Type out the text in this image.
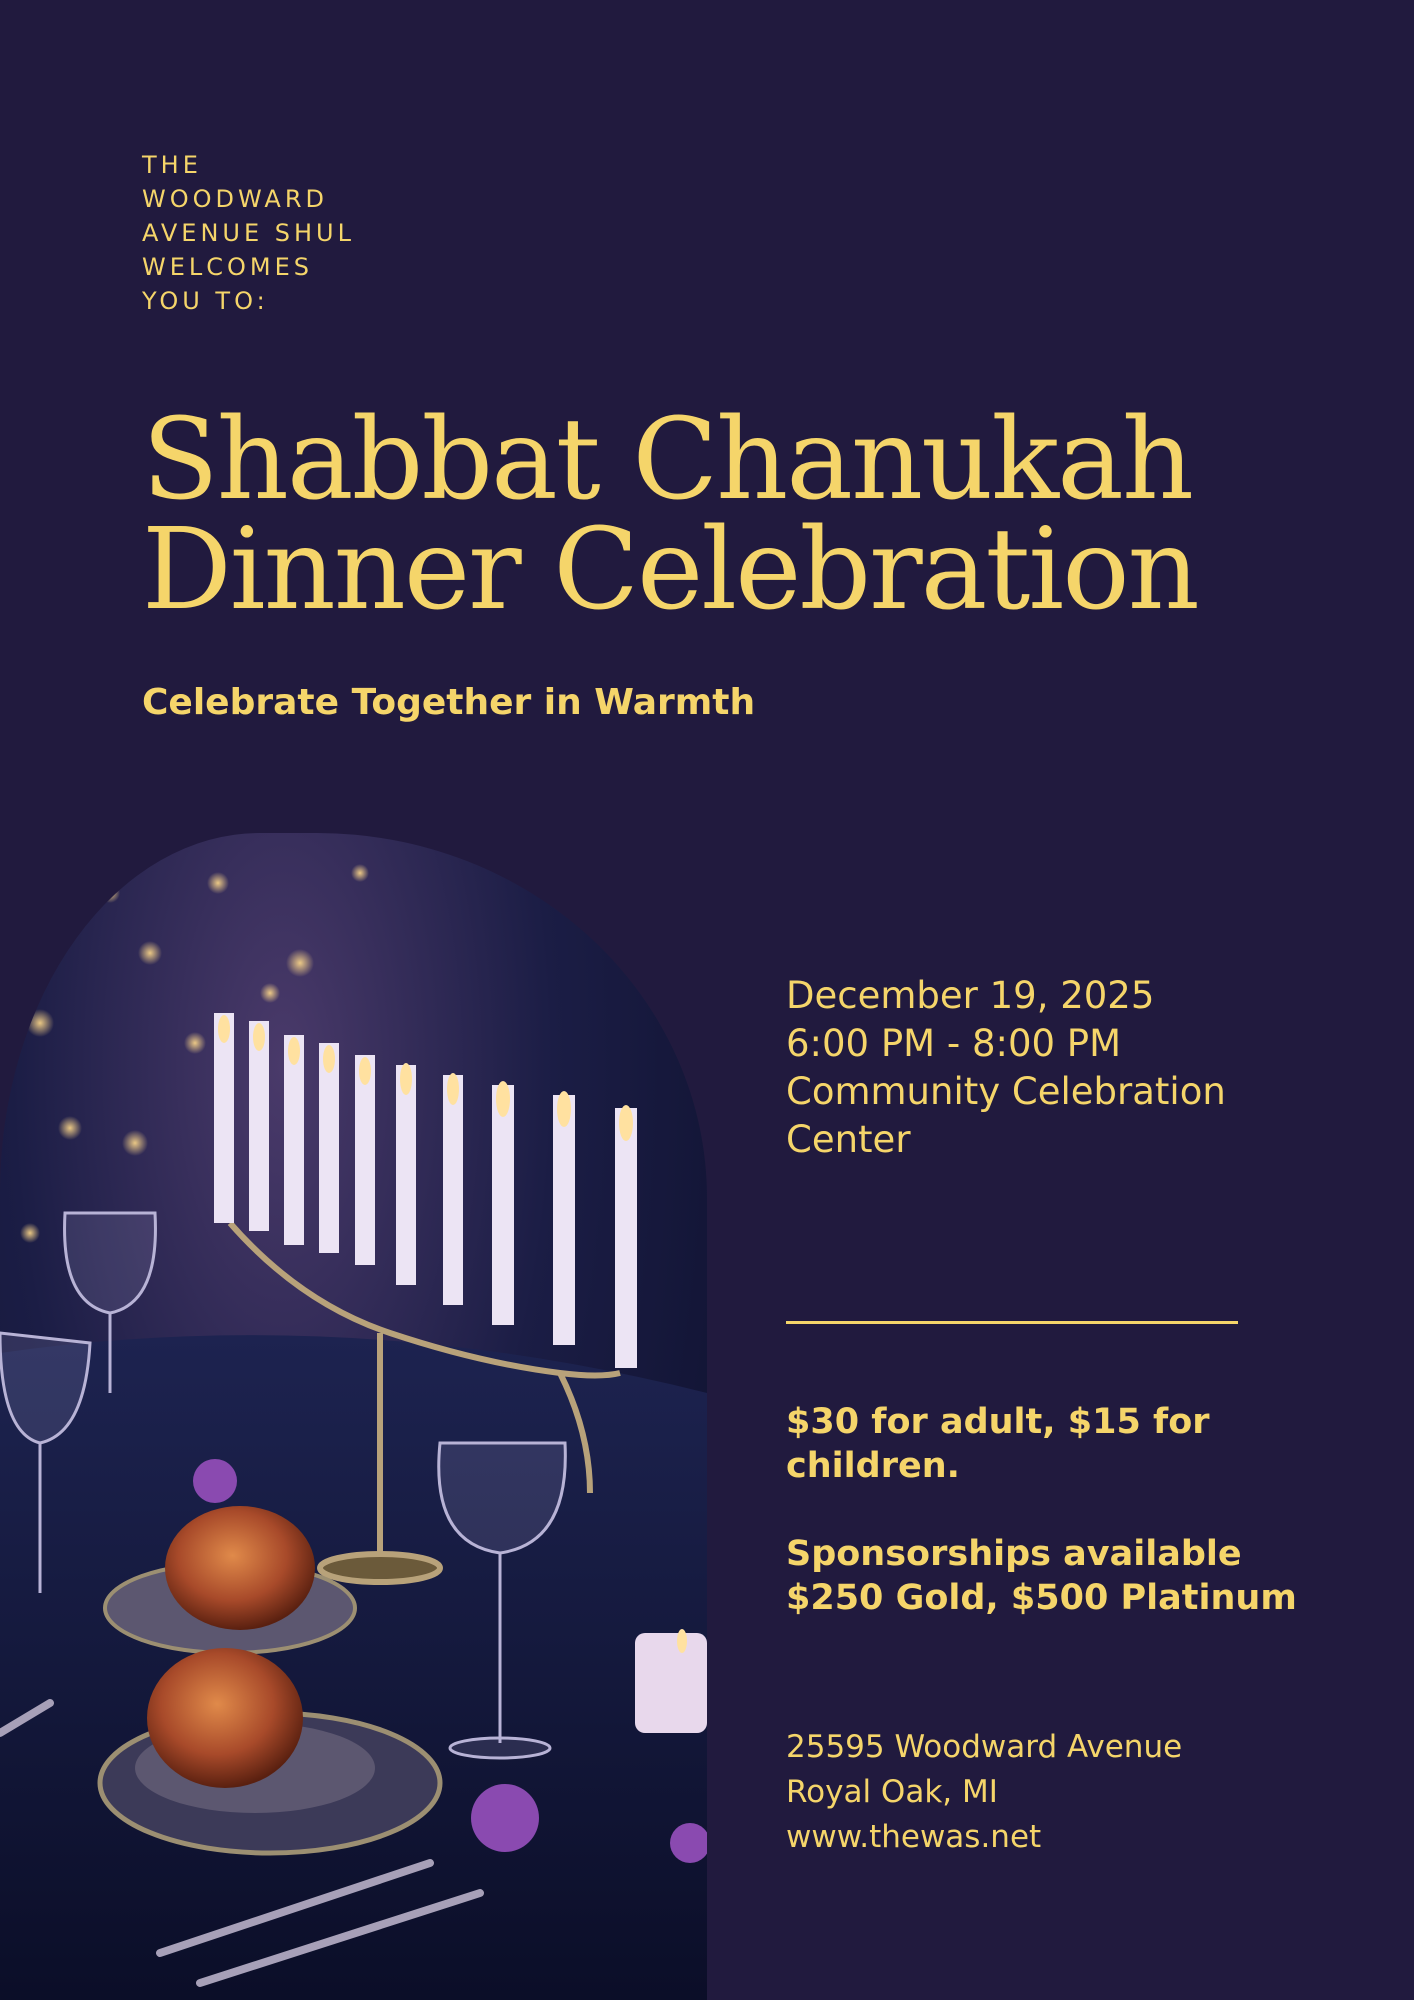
THE
WOODWARD
AVENUE SHUL
WELCOMES
YOU TO:
Shabbat Chanukah
Dinner Celebration
Celebrate Together in Warmth
December 19, 2025
6:00 PM - 8:00 PM
Community Celebration
Center
$30 for adult, $15 for
children.
Sponsorships available
$250 Gold, $500 Platinum
25595 Woodward Avenue
Royal Oak, MI
www.thewas.net
